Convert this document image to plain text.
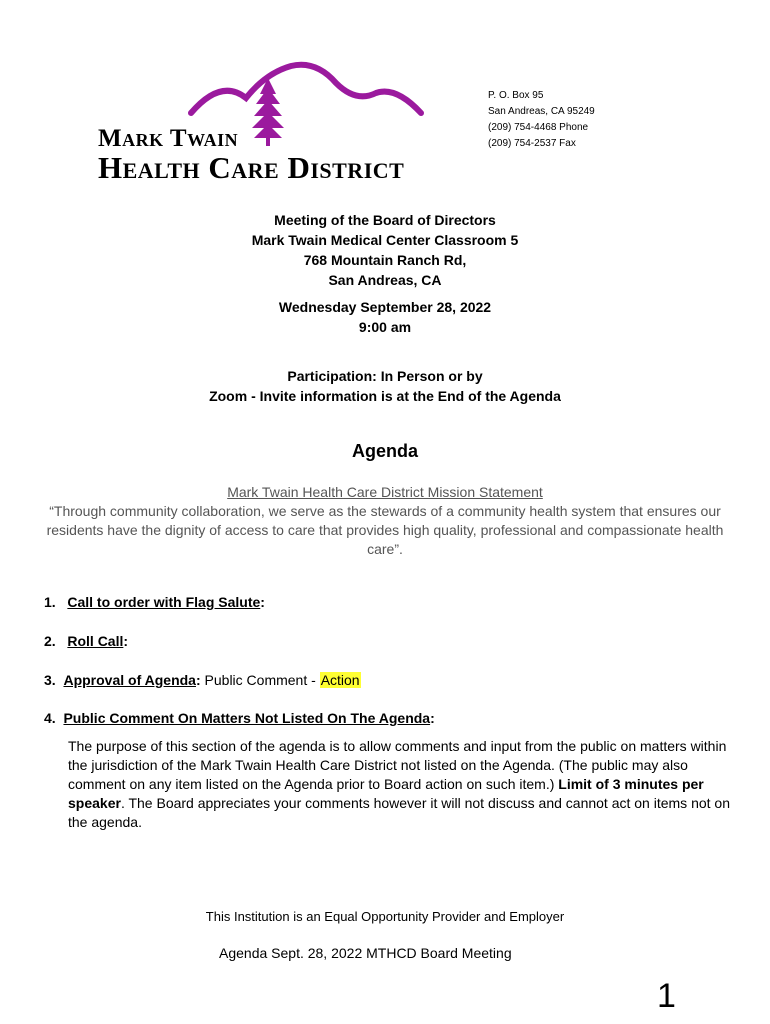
Mark Twain
Health Care District
P. O. Box 95
San Andreas, CA 95249
(209) 754-4468 Phone
(209) 754-2537 Fax
Meeting of the Board of Directors
Mark Twain Medical Center Classroom 5
768 Mountain Ranch Rd,
San Andreas, CA
Wednesday September 28, 2022
9:00 am
Participation: In Person or by
Zoom - Invite information is at the End of the Agenda
Agenda
Mark Twain Health Care District Mission Statement
“Through community collaboration, we serve as the stewards of a community health system that ensures our residents have the dignity of access to care that provides high quality, professional and compassionate health care”.
1. Call to order with Flag Salute:
2. Roll Call:
3. Approval of Agenda: Public Comment - Action
4. Public Comment On Matters Not Listed On The Agenda:
The purpose of this section of the agenda is to allow comments and input from the public on matters within the jurisdiction of the Mark Twain Health Care District not listed on the Agenda. (The public may also comment on any item listed on the Agenda prior to Board action on such item.) Limit of 3 minutes per speaker. The Board appreciates your comments however it will not discuss and cannot act on items not on the agenda.
This Institution is an Equal Opportunity Provider and Employer
Agenda Sept. 28, 2022 MTHCD Board Meeting
1
